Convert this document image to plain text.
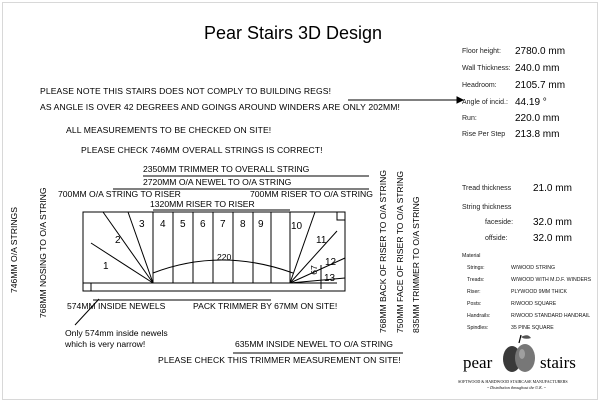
Pear Stairs 3D Design
PLEASE NOTE THIS STAIRS DOES NOT COMPLY TO BUILDING REGS!
AS ANGLE IS OVER 42 DEGREES AND GOINGS AROUND WINDERS ARE ONLY 202MM!
ALL MEASUREMENTS TO BE CHECKED ON SITE!
PLEASE CHECK 746MM OVERALL STRINGS IS CORRECT!
2350MM TRIMMER TO OVERALL STRING
2720MM O/A NEWEL TO O/A STRING
700MM O/A STRING TO RISER	700MM RISER TO O/A STRING
1320MM RISER TO RISER
574MM INSIDE NEWELS	PACK TRIMMER BY 67MM ON SITE!
635MM INSIDE NEWEL TO O/A STRING
220
67
746MM O/A STRINGS 768MM NOSING TO O/A STRING	768MM BACK OF RISER TO O/A STRING 750MM FACE OF RISER TO O/A STRING 835MM TRIMMER TO O/A STRING
1
2
3 4 5 6 7 8 9	10
11
12
13
Only 574mm inside newels
which is very narrow!
PLEASE CHECK THIS TRIMMER MEASUREMENT ON SITE!
Floor height: 2780.0 mm
Wall Thickness: 240.0 mm
Headroom: 2105.7 mm
Angle of incid.: 44.19 °
Run:	220.0 mm
Rise Per Step 213.8 mm
Tread thickness 21.0 mm
String thickness
faceside: 32.0 mm
offside:	32.0 mm
Material
Strings:	W/WOOD STRING
Treads:	W/WOOD WITH M.D.F. WINDERS
Riser:	PLYWOOD 9MM THICK
Posts:	R/WOOD SQUARE
Handrails:	R/WOOD STANDARD HANDRAIL
Spindles:	35 PINE SQUARE
pear	stairs
SOFTWOOD & HARDWOOD STAIRCASE MANUFACTURERS
~ Distribution throughout the U.K. ~
